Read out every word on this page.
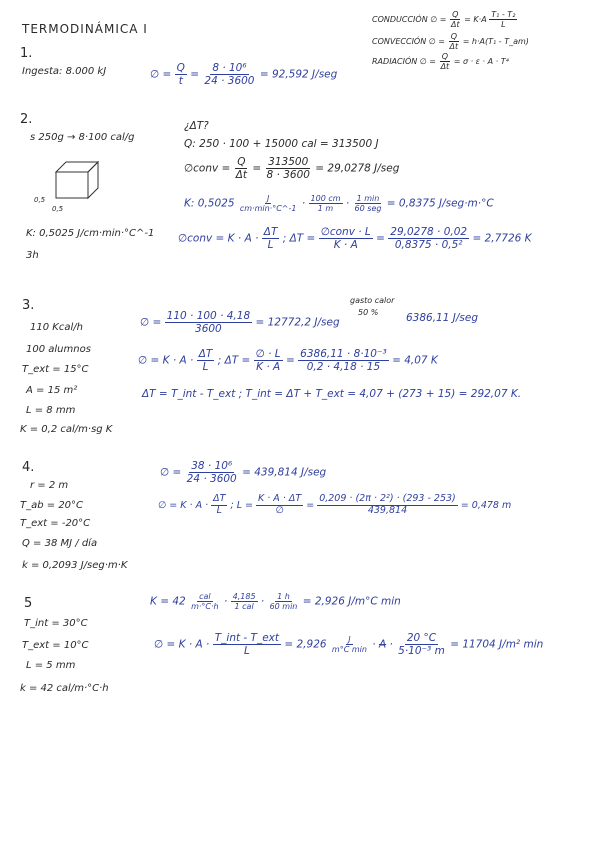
TERMODINÁMICA I
CONDUCCIÓN ∅ = $\frac{Q}{\Delta t} = K\cdot A \frac{\text{T₁ - T₂}}{L}$
CONVECCIÓN ∅ = $\frac{Q}{\Delta t} = h\cdot A(T_1$ - T_am)
RADIACIÓN ∅ = $\frac{Q}{\Delta t} = \sigma \cdot \varepsilon \cdot A \cdot T^4$
1.
Ingesta: 8.000 kJ	∅ = $\frac{Q}{t} = \frac{\text{8 · 10⁶}}{24 \cdot 3600} = 92,592$ J/seg
2.
s 250g → 8·100 cal/g
0,5
0,5
K: 0,5025 J/cm·min·°C^-1
3h
¿ΔT?
Q: 250 · 100 + 15000 cal = 313500 J
∅conv = $\frac{Q}{\Delta t} = \frac{313500}{8 \cdot 3600} = 29,0278$ J/seg
K: $0,5025 \frac{J}{cm\cdot\min\cdot^\circ C\^{}-1} \cdot \frac{100 cm}{1 m} \cdot \frac{1 \min}{\text{60 seg}} = 0,8375$ J/seg·m·°C
∅conv = $K \cdot A \cdot \frac{\Delta T}{L}$ ; $\Delta T = \frac{\text{∅conv · L}}{K \cdot A} = \frac{29,0278 \cdot 0,02}{\text{0,8375 · 0,5²}} = 2,7726$ K
3.
110 Kcal/h
100 alumnos
T_ext = 15°C
A = 15 m²
L = 8 mm
K = 0,2 cal/m·sg K
∅ = $\frac{110 \cdot 100 \cdot 4,18}{3600} = 12772,2$ J/seg
gasto calor
50 %	6386,11 J/seg
∅ = $K \cdot A \cdot \frac{\Delta T}{L}$ ; $\Delta T = \frac{\emptyset \cdot L}{K \cdot A} = \frac{\text{6386,11 · 8·10⁻³}}{0,2 \cdot 4,18 \cdot 15} = 4,07$ K
ΔT = T_int - T_ext ; T_int = ΔT + T_ext = 4,07 + (273 + 15) = 292,07 K.
4.
r = 2 m
T_ab = 20°C
T_ext = -20°C
Q = 38 MJ / día
k = 0,2093 J/seg·m·K
∅ = $\frac{\text{38 · 10⁶}}{24 \cdot 3600} = 439,814$ J/seg
∅ = $K \cdot A \cdot \frac{\Delta T}{L}$ ; $L = \frac{K \cdot A \cdot \Delta T}{\emptyset} = \frac{\text{0,209 · (2π · 2²) · (293 - 253)}}{439,814} = 0,478$ m
5
T_int = 30°C
T_ext = 10°C
L = 5 mm
k = 42 cal/m·°C·h
$K = 42 \frac{\text{cal}}{m\cdot^\circ C\cdot h} \cdot \frac{4,185}{\text{1 cal}} \cdot \frac{1 h}{60 \min} = 2,926$ J/m°C min
∅ = $K \cdot A \cdot \frac{\text{T\_int - T\_ext}}{L} = 2,926 \frac{J}{\text{m°C min}} \cdot A \cdot \frac{20 ^\circ C}{\text{5·10⁻³ m}} = 11704$ J/m² min
